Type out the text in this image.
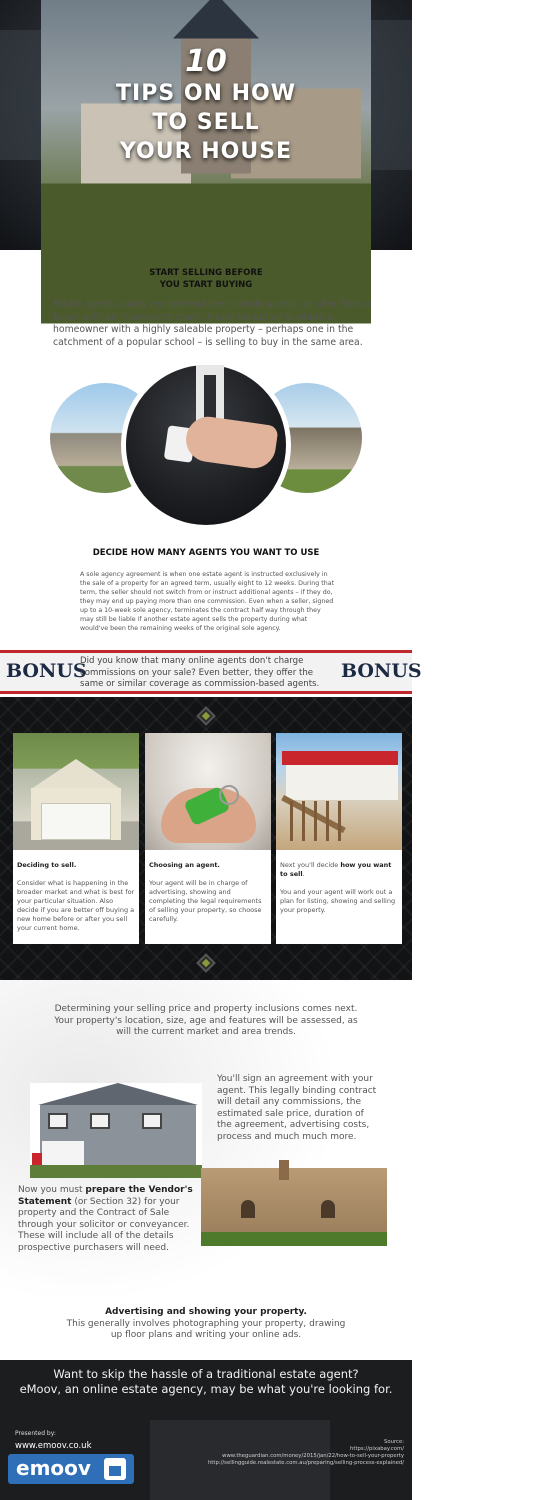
10
TIPS ON HOW
TO SELL
YOUR HOUSE
START SELLING BEFORE
YOU START BUYING
Estate agents rarely recommend their clients accept an offer from a buyer with an incomplete chain. A rare exception is where a homeowner with a highly saleable property – perhaps one in the catchment of a popular school – is selling to buy in the same area.
DECIDE HOW MANY AGENTS YOU WANT TO USE
A sole agency agreement is when one estate agent is instructed exclusively in the sale of a property for an agreed term, usually eight to 12 weeks. During that term, the seller should not switch from or instruct additional agents – if they do, they may end up paying more than one commission. Even when a seller, signed up to a 10-week sole agency, terminates the contract half way through they may still be liable if another estate agent sells the property during what would've been the remaining weeks of the original sole agency.
BONUS	BONUS
Did you know that many online agents don't charge commissions on your sale? Even better, they offer the same or similar coverage as commission-based agents.
Deciding to sell.
Consider what is happening in the broader market and what is best for your particular situation. Also decide if you are better off buying a new home before or after you sell your current home.
Choosing an agent.
Your agent will be in charge of advertising, showing and completing the legal requirements of selling your property, so choose carefully.
Next you'll decide how you want to sell.
You and your agent will work out a plan for listing, showing and selling your property.
Determining your selling price and property inclusions comes next. Your property's location, size, age and features will be assessed, as will the current market and area trends.
You'll sign an agreement with your agent. This legally binding contract will detail any commissions, the estimated sale price, duration of the agreement, advertising costs, process and much much more.
Now you must prepare the Vendor's Statement (or Section 32) for your property and the Contract of Sale through your solicitor or conveyancer. These will include all of the details prospective purchasers will need.
Advertising and showing your property.
This generally involves photographing your property, drawing up floor plans and writing your online ads.
Want to skip the hassle of a traditional estate agent?
eMoov, an online estate agency, may be what you're looking for.
Presented by:
www.emoov.co.uk
emoov
Source:
https://pixabay.com/
www.theguardian.com/money/2015/jan/22/how-to-sell-your-property
http://sellingguide.realestate.com.au/preparing/selling-process-explained/
